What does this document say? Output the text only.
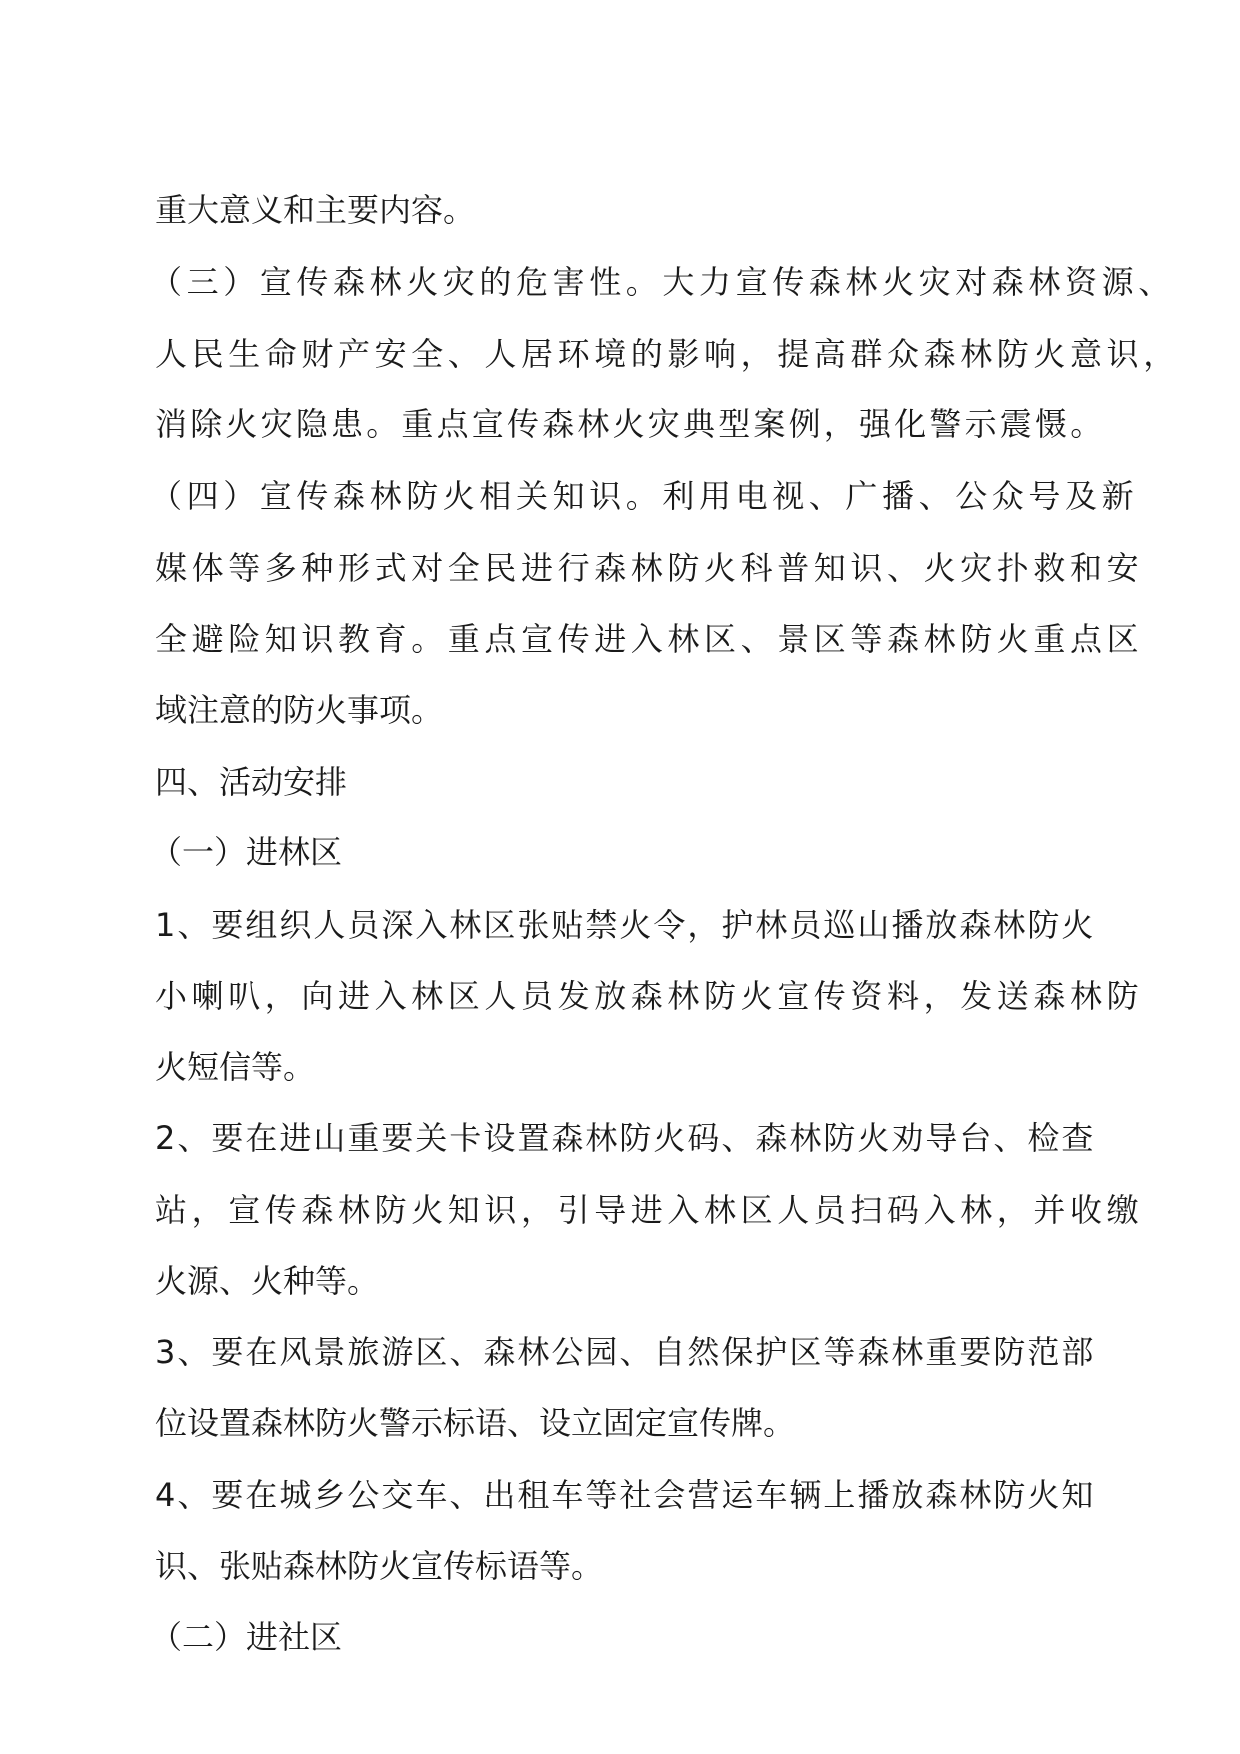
重大意义和主要内容。
（三）宣传森林火灾的危害性。大力宣传森林火灾对森林资源、
人民生命财产安全、人居环境的影响，提高群众森林防火意识，
消除火灾隐患。重点宣传森林火灾典型案例，强化警示震慑。
（四）宣传森林防火相关知识。利用电视、广播、公众号及新
媒体等多种形式对全民进行森林防火科普知识、火灾扑救和安
全避险知识教育。重点宣传进入林区、景区等森林防火重点区
域注意的防火事项。
四、活动安排
（一）进林区
1、要组织人员深入林区张贴禁火令，护林员巡山播放森林防火
小喇叭，向进入林区人员发放森林防火宣传资料，发送森林防
火短信等。
2、要在进山重要关卡设置森林防火码、森林防火劝导台、检查
站，宣传森林防火知识，引导进入林区人员扫码入林，并收缴
火源、火种等。
3、要在风景旅游区、森林公园、自然保护区等森林重要防范部
位设置森林防火警示标语、设立固定宣传牌。
4、要在城乡公交车、出租车等社会营运车辆上播放森林防火知
识、张贴森林防火宣传标语等。
（二）进社区
